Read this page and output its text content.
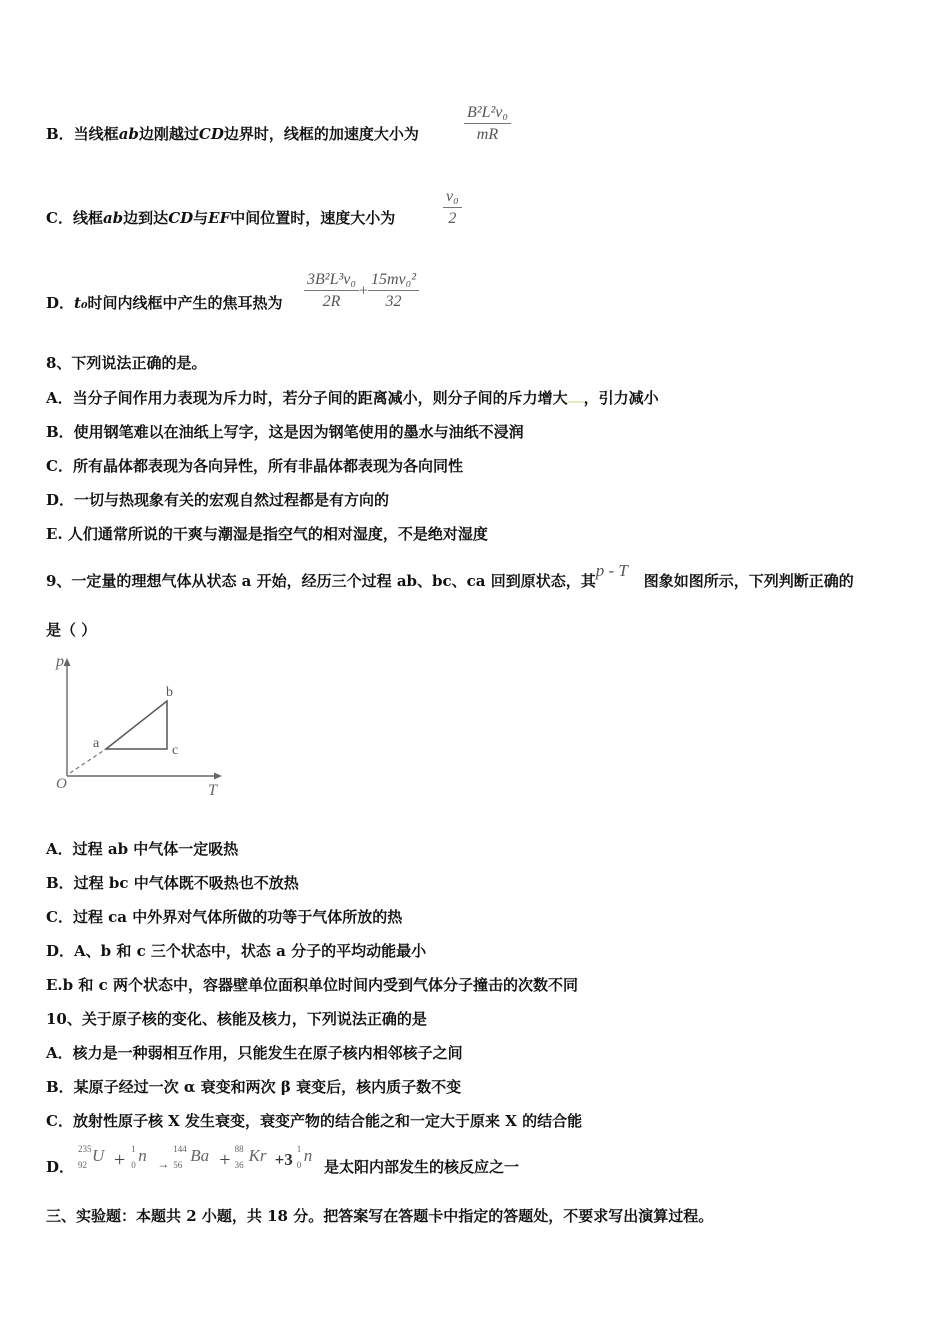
B．当线框ab边刚越过CD边界时，线框的加速度大小为	$\frac{\text{B²L²v₀}}{mR}$
C．线框ab边到达CD与EF中间位置时，速度大小为	$\frac{\text{v₀}}{2}$
D．t₀时间内线框中产生的焦耳热为 $\frac{\text{3B²L³v₀}}{2R} + \frac{\text{15mv₀²}}{32}$
8、下列说法正确的是。
A．当分子间作用力表现为斥力时，若分子间的距离减小，则分子间的斥力增大 ，引力减小
B．使用钢笔难以在油纸上写字，这是因为钢笔使用的墨水与油纸不浸润
C．所有晶体都表现为各向异性，所有非晶体都表现为各向同性
D．一切与热现象有关的宏观自然过程都是有方向的
E. 人们通常所说的干爽与潮湿是指空气的相对湿度，不是绝对湿度
9、一定量的理想气体从状态 a 开始，经历三个过程 ab、bc、ca 回到原状态，其p - T图象如图所示，下列判断正确的
是（ ）
p
T
O
a
b
c
A．过程 ab 中气体一定吸热
B．过程 bc 中气体既不吸热也不放热
C．过程 ca 中外界对气体所做的功等于气体所放的热
D．A、b 和 c 三个状态中，状态 a 分子的平均动能最小
E.b 和 c 两个状态中，容器壁单位面积单位时间内受到气体分子撞击的次数不同
10、关于原子核的变化、核能及核力，下列说法正确的是
A．核力是一种弱相互作用，只能发生在原子核内相邻核子之间
B．某原子经过一次 α 衰变和两次 β 衰变后，核内质子数不变
C．放射性原子核 X 发生衰变，衰变产物的结合能之和一定大于原来 X 的结合能
D．
235
92 U + 1
0 n $_\to$
144
56 Ba + 88
36 Kr +3
1
0 n
是太阳内部发生的核反应之一
三、实验题：本题共 2 小题，共 18 分。把答案写在答题卡中指定的答题处，不要求写出演算过程。
